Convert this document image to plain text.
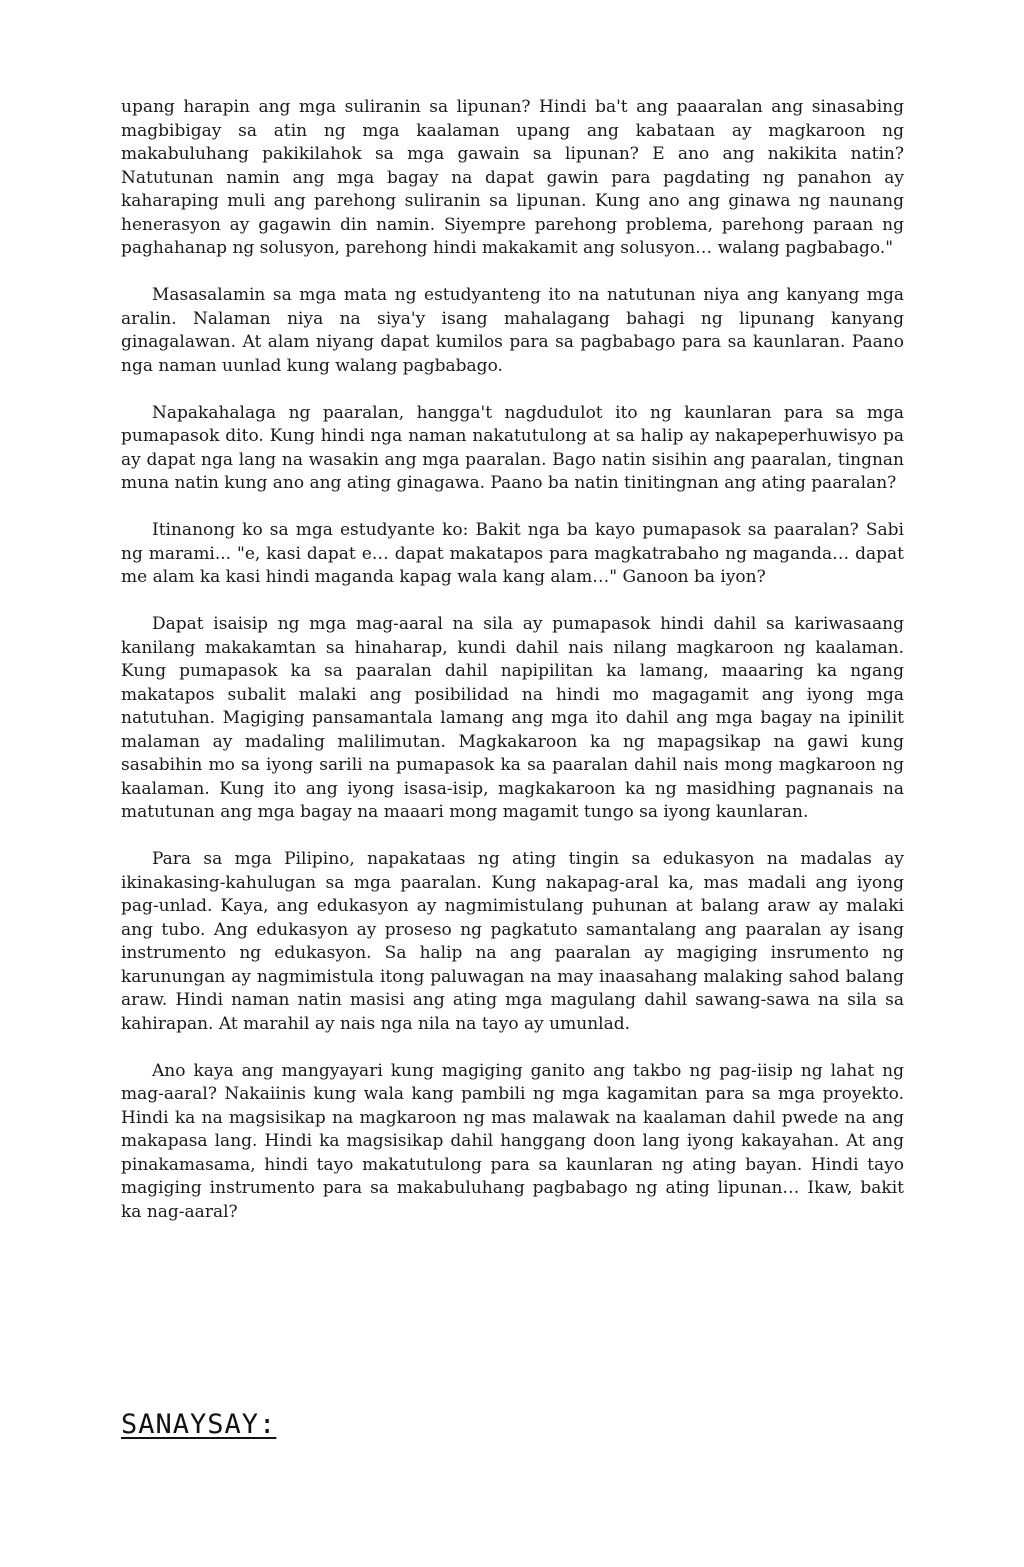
upang harapin ang mga suliranin sa lipunan? Hindi ba't ang paaaralan ang sinasabing magbibigay sa atin ng mga kaalaman upang ang kabataan ay magkaroon ng makabuluhang pakikilahok sa mga gawain sa lipunan? E ano ang nakikita natin? Natutunan namin ang mga bagay na dapat gawin para pagdating ng panahon ay kaharaping muli ang parehong suliranin sa lipunan. Kung ano ang ginawa ng naunang henerasyon ay gagawin din namin. Siyempre parehong problema, parehong paraan ng paghahanap ng solusyon, parehong hindi makakamit ang solusyon… walang pagbabago."

Masasalamin sa mga mata ng estudyanteng ito na natutunan niya ang kanyang mga aralin. Nalaman niya na siya'y isang mahalagang bahagi ng lipunang kanyang ginagalawan. At alam niyang dapat kumilos para sa pagbabago para sa kaunlaran. Paano nga naman uunlad kung walang pagbabago.

Napakahalaga ng paaralan, hangga't nagdudulot ito ng kaunlaran para sa mga pumapasok dito. Kung hindi nga naman nakatutulong at sa halip ay nakapeperhuwisyo pa ay dapat nga lang na wasakin ang mga paaralan. Bago natin sisihin ang paaralan, tingnan muna natin kung ano ang ating ginagawa. Paano ba natin tinitingnan ang ating paaralan?

Itinanong ko sa mga estudyante ko: Bakit nga ba kayo pumapasok sa paaralan? Sabi ng marami... "e, kasi dapat e… dapat makatapos para magkatrabaho ng maganda… dapat me alam ka kasi hindi maganda kapag wala kang alam…" Ganoon ba iyon?

Dapat isaisip ng mga mag-aaral na sila ay pumapasok hindi dahil sa kariwasaang kanilang makakamtan sa hinaharap, kundi dahil nais nilang magkaroon ng kaalaman. Kung pumapasok ka sa paaralan dahil napipilitan ka lamang, maaaring ka ngang makatapos subalit malaki ang posibilidad na hindi mo magagamit ang iyong mga natutuhan. Magiging pansamantala lamang ang mga ito dahil ang mga bagay na ipinilit malaman ay madaling malilimutan. Magkakaroon ka ng mapagsikap na gawi kung sasabihin mo sa iyong sarili na pumapasok ka sa paaralan dahil nais mong magkaroon ng kaalaman. Kung ito ang iyong isasa-isip, magkakaroon ka ng masidhing pagnanais na matutunan ang mga bagay na maaari mong magamit tungo sa iyong kaunlaran.

Para sa mga Pilipino, napakataas ng ating tingin sa edukasyon na madalas ay ikinakasing-kahulugan sa mga paaralan. Kung nakapag-aral ka, mas madali ang iyong pag-unlad. Kaya, ang edukasyon ay nagmimistulang puhunan at balang araw ay malaki ang tubo. Ang edukasyon ay proseso ng pagkatuto samantalang ang paaralan ay isang instrumento ng edukasyon. Sa halip na ang paaralan ay magiging insrumento ng karunungan ay nagmimistula itong paluwagan na may inaasahang malaking sahod balang araw. Hindi naman natin masisi ang ating mga magulang dahil sawang-sawa na sila sa kahirapan. At marahil ay nais nga nila na tayo ay umunlad.

Ano kaya ang mangyayari kung magiging ganito ang takbo ng pag-iisip ng lahat ng mag-aaral? Nakaiinis kung wala kang pambili ng mga kagamitan para sa mga proyekto. Hindi ka na magsisikap na magkaroon ng mas malawak na kaalaman dahil pwede na ang makapasa lang. Hindi ka magsisikap dahil hanggang doon lang iyong kakayahan. At ang pinakamasama, hindi tayo makatutulong para sa kaunlaran ng ating bayan. Hindi tayo magiging instrumento para sa makabuluhang pagbabago ng ating lipunan… Ikaw, bakit ka nag-aaral?

SANAYSAY:
